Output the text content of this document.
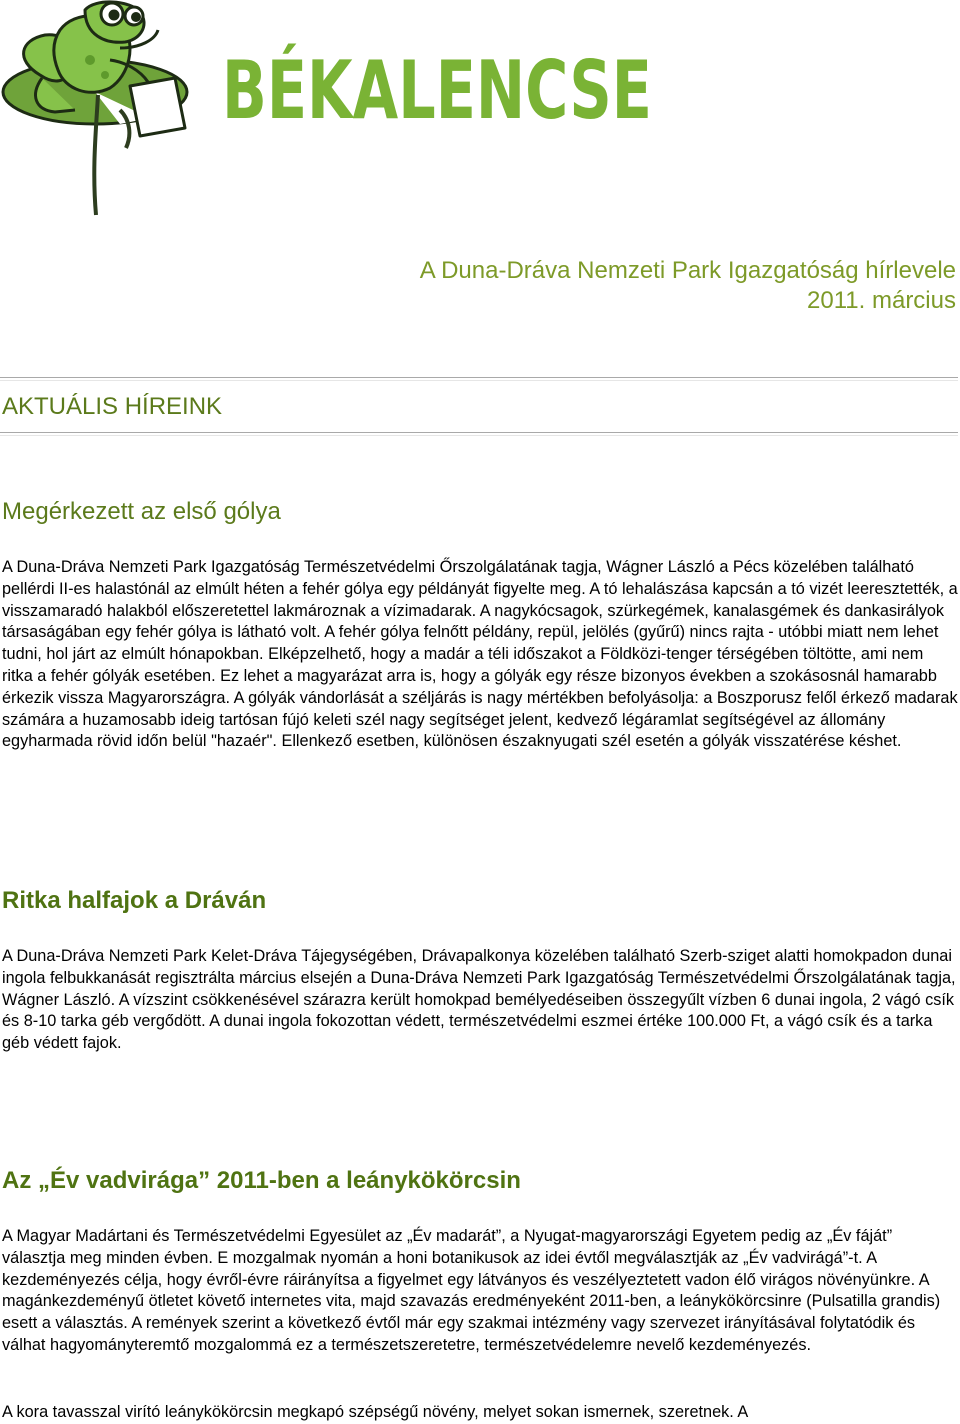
BÉKALENCSE
A Duna-Dráva Nemzeti Park Igazgatóság hírlevele
2011. március
AKTUÁLIS HÍREINK
Megérkezett az első gólya

A Duna-Dráva Nemzeti Park Igazgatóság Természetvédelmi Őrszolgálatának tagja, Wágner László a Pécs közelében található pellérdi II-es halastónál az elmúlt héten a fehér gólya egy példányát figyelte meg. A tó lehalászása kapcsán a tó vizét leeresztették, a visszamaradó halakból előszeretettel lakmároznak a vízimadarak. A nagykócsagok, szürkegémek, kanalasgémek és dankasirályok társaságában egy fehér gólya is látható volt. A fehér gólya felnőtt példány, repül, jelölés (gyűrű) nincs rajta - utóbbi miatt nem lehet tudni, hol járt az elmúlt hónapokban. Elképzelhető, hogy a madár a téli időszakot a Földközi-tenger térségében töltötte, ami nem ritka a fehér gólyák esetében. Ez lehet a magyarázat arra is, hogy a gólyák egy része bizonyos években a szokásosnál hamarabb érkezik vissza Magyarországra. A gólyák vándorlását a széljárás is nagy mértékben befolyásolja: a Boszporusz felől érkező madarak számára a huzamosabb ideig tartósan fújó keleti szél nagy segítséget jelent, kedvező légáramlat segítségével az állomány egyharmada rövid időn belül "hazaér". Ellenkező esetben, különösen északnyugati szél esetén a gólyák visszatérése késhet.

Ritka halfajok a Dráván

A Duna-Dráva Nemzeti Park Kelet-Dráva Tájegységében, Drávapalkonya közelében található Szerb-sziget alatti homokpadon dunai ingola felbukkanását regisztrálta március elsején a Duna-Dráva Nemzeti Park Igazgatóság Természetvédelmi Őrszolgálatának tagja, Wágner László. A vízszint csökkenésével szárazra került homokpad bemélyedéseiben összegyűlt vízben 6 dunai ingola, 2 vágó csík és 8-10 tarka géb vergődött. A dunai ingola fokozottan védett, természetvédelmi eszmei értéke 100.000 Ft, a vágó csík és a tarka géb védett fajok.

Az „Év vadvirága” 2011-ben a leánykökörcsin

A Magyar Madártani és Természetvédelmi Egyesület az „Év madarát”, a Nyugat-magyarországi Egyetem pedig az „Év fáját” választja meg minden évben. E mozgalmak nyomán a honi botanikusok az idei évtől megválasztják az „Év vadvirágá”-t. A kezdeményezés célja, hogy évről-évre ráirányítsa a figyelmet egy látványos és veszélyeztetett vadon élő virágos növényünkre. A magánkezdeményű ötletet követő internetes vita, majd szavazás eredményeként 2011-ben, a leánykökörcsinre (Pulsatilla grandis) esett a választás. A remények szerint a következő évtől már egy szakmai intézmény vagy szervezet irányításával folytatódik és válhat hagyományteremtő mozgalommá ez a természetszeretetre, természetvédelemre nevelő kezdeményezés.

A kora tavasszal virító leánykökörcsin megkapó szépségű növény, melyet sokan ismernek, szeretnek. A
